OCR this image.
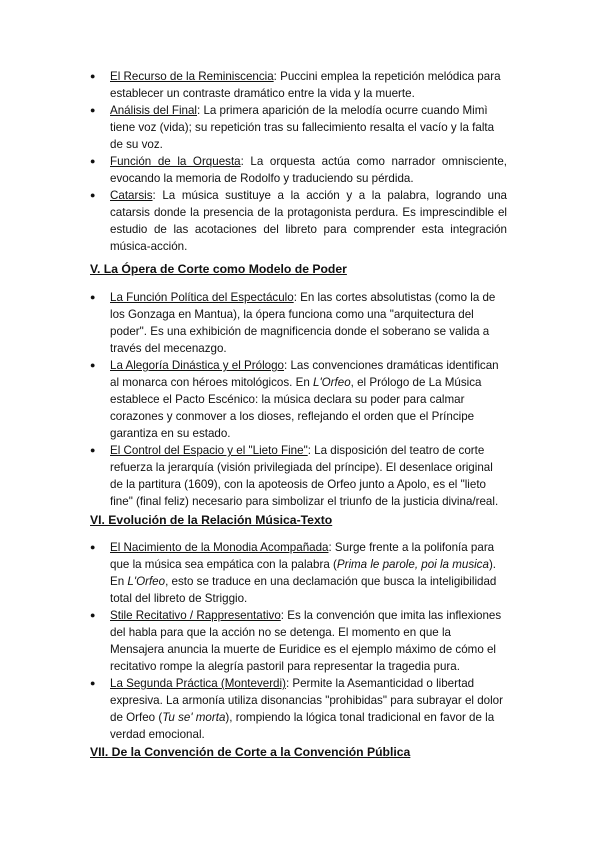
● El Recurso de la Reminiscencia: Puccini emplea la repetición melódica para establecer un contraste dramático entre la vida y la muerte.
● Análisis del Final: La primera aparición de la melodía ocurre cuando Mimì tiene voz (vida); su repetición tras su fallecimiento resalta el vacío y la falta de su voz.
● Función de la Orquesta: La orquesta actúa como narrador omnisciente, evocando la memoria de Rodolfo y traduciendo su pérdida.
● Catarsis: La música sustituye a la acción y a la palabra, logrando una catarsis donde la presencia de la protagonista perdura. Es imprescindible el estudio de las acotaciones del libreto para comprender esta integración música-acción.
V. La Ópera de Corte como Modelo de Poder
● La Función Política del Espectáculo: En las cortes absolutistas (como la de los Gonzaga en Mantua), la ópera funciona como una "arquitectura del poder". Es una exhibición de magnificencia donde el soberano se valida a través del mecenazgo.
● La Alegoría Dinástica y el Prólogo: Las convenciones dramáticas identifican al monarca con héroes mitológicos. En L'Orfeo, el Prólogo de La Música establece el Pacto Escénico: la música declara su poder para calmar corazones y conmover a los dioses, reflejando el orden que el Príncipe garantiza en su estado.
● El Control del Espacio y el "Lieto Fine": La disposición del teatro de corte refuerza la jerarquía (visión privilegiada del príncipe). El desenlace original de la partitura (1609), con la apoteosis de Orfeo junto a Apolo, es el "lieto fine" (final feliz) necesario para simbolizar el triunfo de la justicia divina/real.
VI. Evolución de la Relación Música-Texto
● El Nacimiento de la Monodia Acompañada: Surge frente a la polifonía para que la música sea empática con la palabra (Prima le parole, poi la musica). En L'Orfeo, esto se traduce en una declamación que busca la inteligibilidad total del libreto de Striggio.
● Stile Recitativo / Rappresentativo: Es la convención que imita las inflexiones del habla para que la acción no se detenga. El momento en que la Mensajera anuncia la muerte de Euridice es el ejemplo máximo de cómo el recitativo rompe la alegría pastoril para representar la tragedia pura.
● La Segunda Práctica (Monteverdi): Permite la Asemanticidad o libertad expresiva. La armonía utiliza disonancias "prohibidas" para subrayar el dolor de Orfeo (Tu se' morta), rompiendo la lógica tonal tradicional en favor de la verdad emocional.
VII. De la Convención de Corte a la Convención Pública
